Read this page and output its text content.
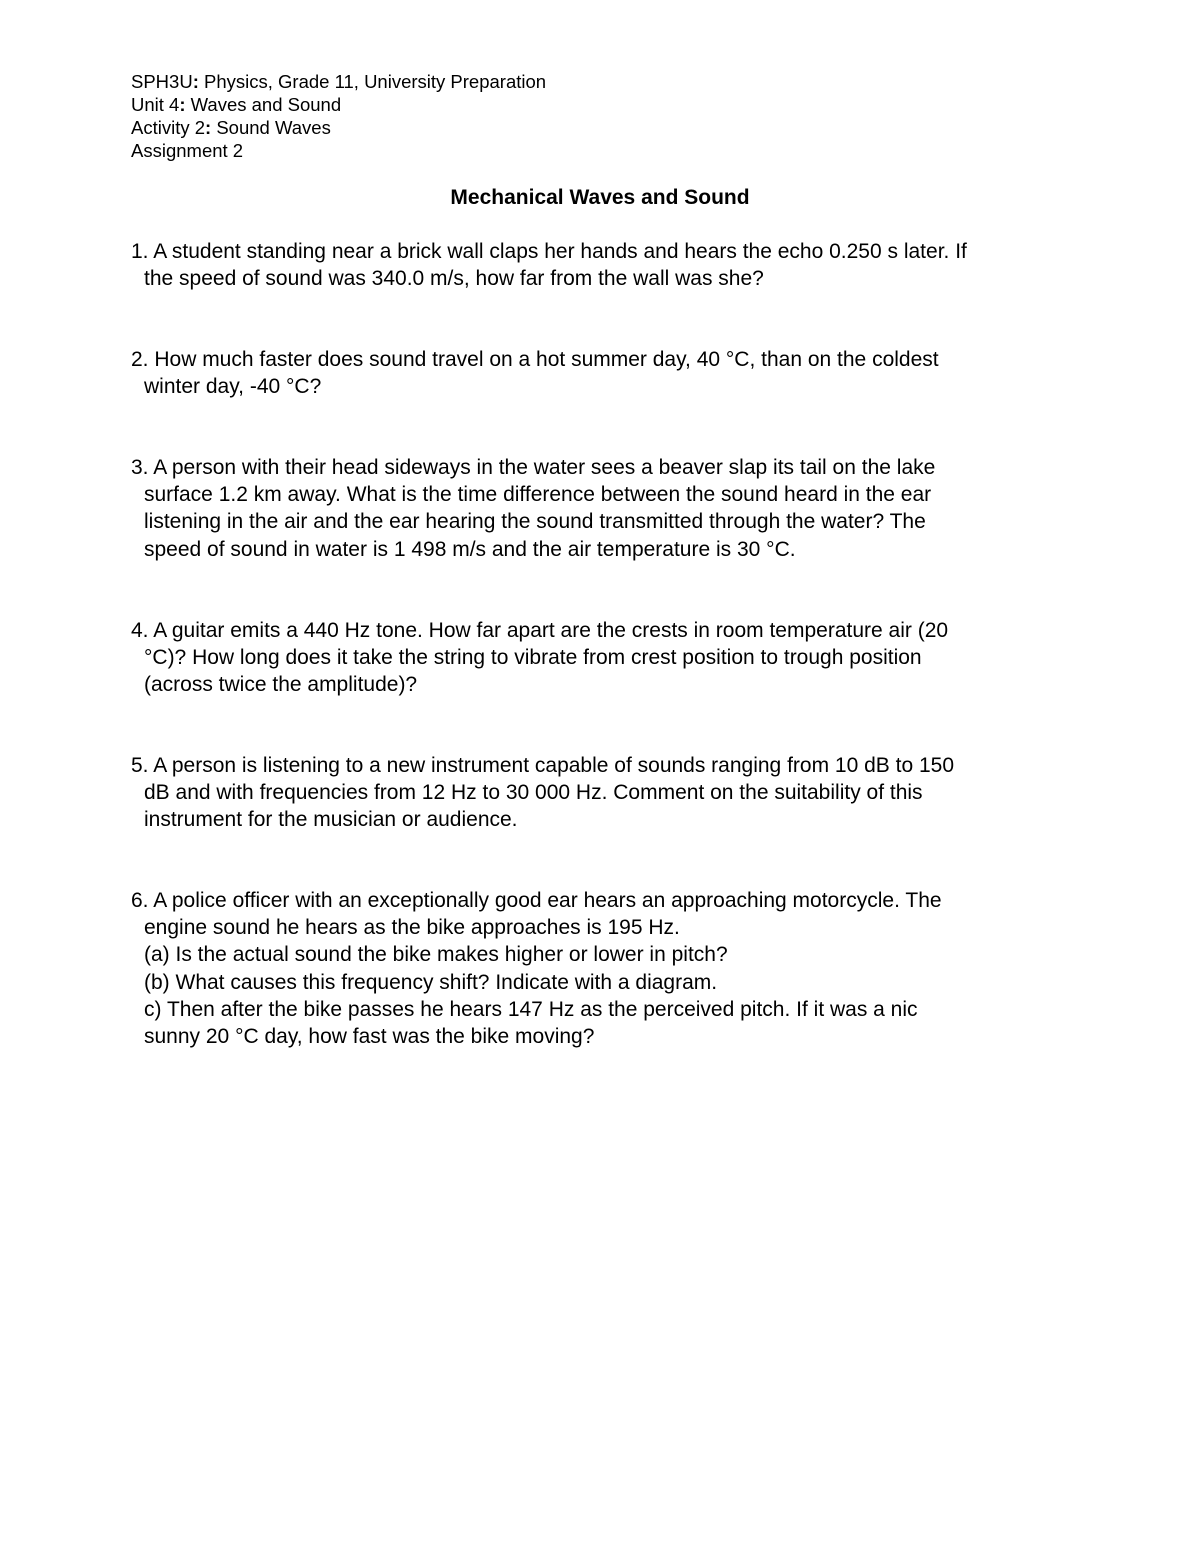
SPH3U: Physics, Grade 11, University Preparation
Unit 4: Waves and Sound
Activity 2: Sound Waves
Assignment 2
Mechanical Waves and Sound
1. A student standing near a brick wall claps her hands and hears the echo 0.250 s later. If
the speed of sound was 340.0 m/s, how far from the wall was she?
2. How much faster does sound travel on a hot summer day, 40 °C, than on the coldest
winter day, -40 °C?
3. A person with their head sideways in the water sees a beaver slap its tail on the lake
surface 1.2 km away. What is the time difference between the sound heard in the ear
listening in the air and the ear hearing the sound transmitted through the water? The
speed of sound in water is 1 498 m/s and the air temperature is 30 °C.
4. A guitar emits a 440 Hz tone. How far apart are the crests in room temperature air (20
°C)? How long does it take the string to vibrate from crest position to trough position
(across twice the amplitude)?
5. A person is listening to a new instrument capable of sounds ranging from 10 dB to 150
dB and with frequencies from 12 Hz to 30 000 Hz. Comment on the suitability of this
instrument for the musician or audience.
6. A police officer with an exceptionally good ear hears an approaching motorcycle. The
engine sound he hears as the bike approaches is 195 Hz.
(a) Is the actual sound the bike makes higher or lower in pitch?
(b) What causes this frequency shift? Indicate with a diagram.
c) Then after the bike passes he hears 147 Hz as the perceived pitch. If it was a nic
sunny 20 °C day, how fast was the bike moving?
